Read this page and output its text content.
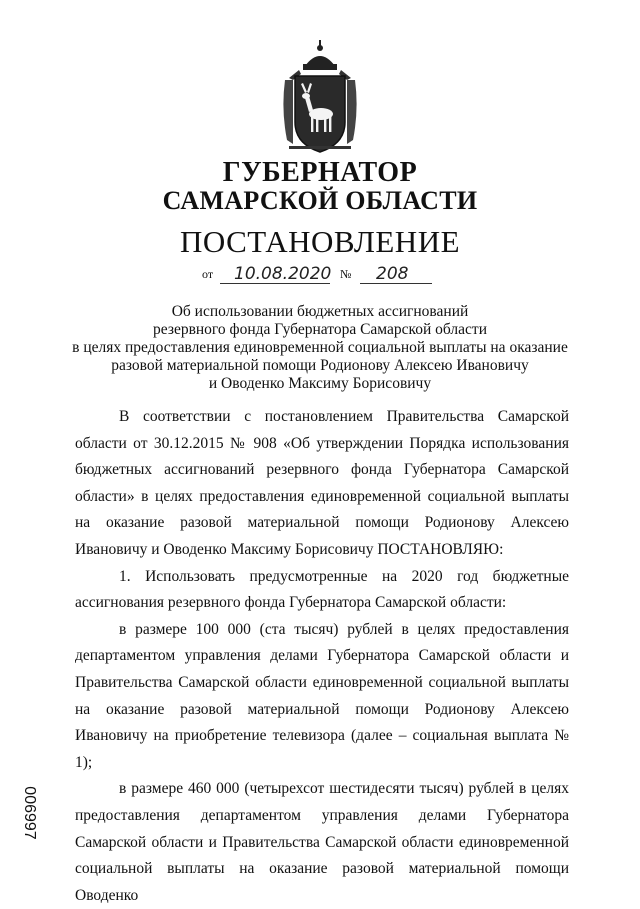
ГУБЕРНАТОР
САМАРСКОЙ ОБЛАСТИ
ПОСТАНОВЛЕНИЕ
от 10.08.2020 № 208
Об использовании бюджетных ассигнований
резервного фонда Губернатора Самарской области
в целях предоставления единовременной социальной выплаты на оказание
разовой материальной помощи Родионову Алексею Ивановичу
и Оводенко Максиму Борисовичу

В соответствии с постановлением Правительства Самарской области от 30.12.2015 № 908 «Об утверждении Порядка использования бюджетных ассигнований резервного фонда Губернатора Самарской области» в целях предоставления единовременной социальной выплаты на оказание разовой материальной помощи Родионову Алексею Ивановичу и Оводенко Максиму Борисовичу ПОСТАНОВЛЯЮ:

1. Использовать предусмотренные на 2020 год бюджетные ассигнования резервного фонда Губернатора Самарской области:

в размере 100 000 (ста тысяч) рублей в целях предоставления департаментом управления делами Губернатора Самарской области и Правительства Самарской области единовременной социальной выплаты на оказание разовой материальной помощи Родионову Алексею Ивановичу на приобретение телевизора (далее – социальная выплата № 1);

в размере 460 000 (четырехсот шестидесяти тысяч) рублей в целях предоставления департаментом управления делами Губернатора Самарской области и Правительства Самарской области единовременной социальной выплаты на оказание разовой материальной помощи Оводенко

006997
